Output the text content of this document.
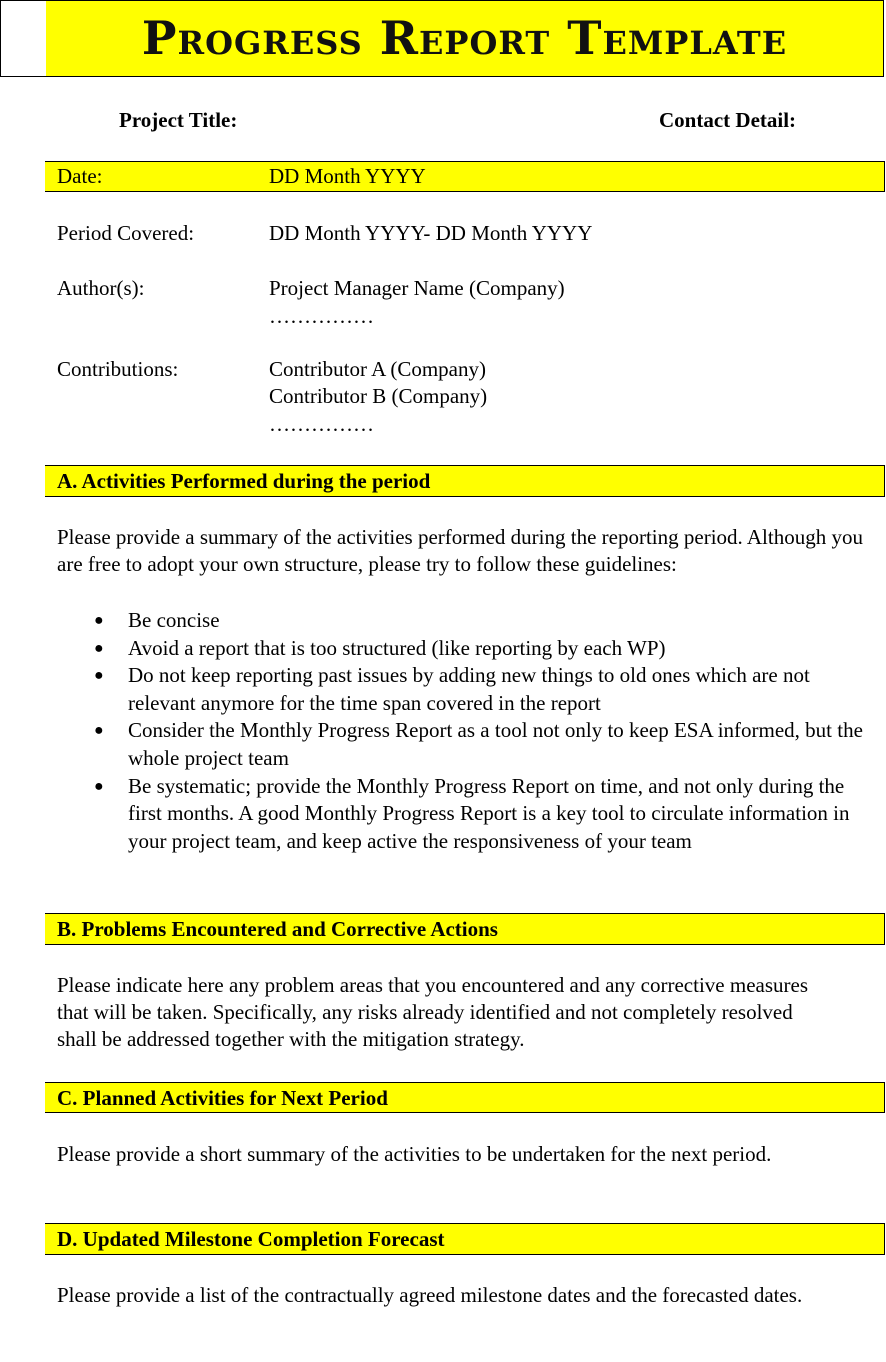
Progress Report Template
Project Title:	Contact Detail:
Date:	DD Month YYYY
Period Covered:	DD Month YYYY- DD Month YYYY
Author(s):	Project Manager Name (Company)
……………
Contributions:	Contributor A (Company)
Contributor B (Company)
……………
A. Activities Performed during the period
Please provide a summary of the activities performed during the reporting period. Although you are free to adopt your own structure, please try to follow these guidelines:
● Be concise
● Avoid a report that is too structured (like reporting by each WP)
● Do not keep reporting past issues by adding new things to old ones which are not relevant anymore for the time span covered in the report
● Consider the Monthly Progress Report as a tool not only to keep ESA informed, but the whole project team
● Be systematic; provide the Monthly Progress Report on time, and not only during the first months. A good Monthly Progress Report is a key tool to circulate information in your project team, and keep active the responsiveness of your team
B. Problems Encountered and Corrective Actions
Please indicate here any problem areas that you encountered and any corrective measures that will be taken. Specifically, any risks already identified and not completely resolved shall be addressed together with the mitigation strategy.
C. Planned Activities for Next Period
Please provide a short summary of the activities to be undertaken for the next period.
D. Updated Milestone Completion Forecast
Please provide a list of the contractually agreed milestone dates and the forecasted dates.
